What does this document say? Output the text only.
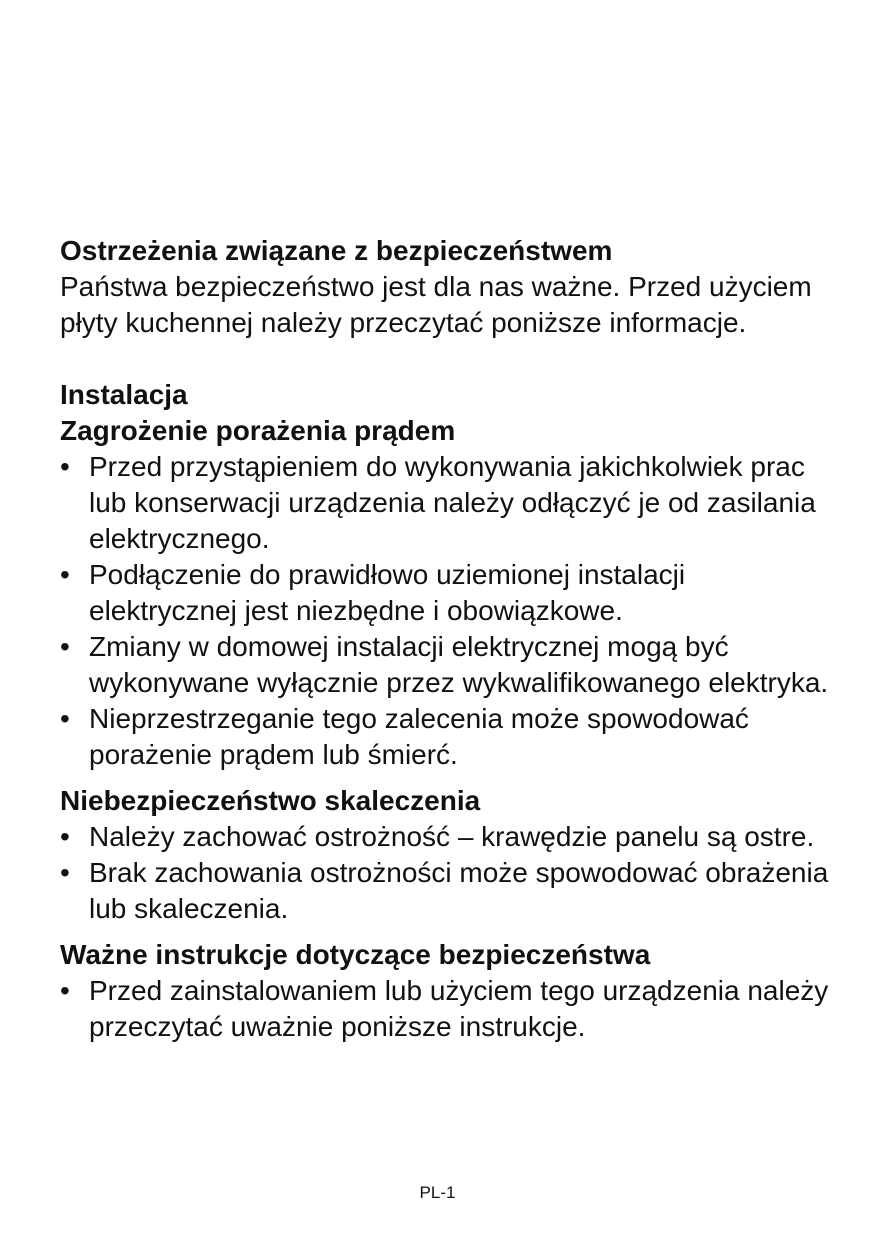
Ostrzeżenia związane z bezpieczeństwem

Państwa bezpieczeństwo jest dla nas ważne. Przed użyciem płyty kuchennej należy przeczytać poniższe informacje.

Instalacja

Zagrożenie porażenia prądem

• Przed przystąpieniem do wykonywania jakichkolwiek prac lub konserwacji urządzenia należy odłączyć je od zasilania elektrycznego.
• Podłączenie do prawidłowo uziemionej instalacji elektrycznej jest niezbędne i obowiązkowe.
• Zmiany w domowej instalacji elektrycznej mogą być wykonywane wyłącznie przez wykwalifikowanego elektryka.
• Nieprzestrzeganie tego zalecenia może spowodować porażenie prądem lub śmierć.

Niebezpieczeństwo skaleczenia

• Należy zachować ostrożność – krawędzie panelu są ostre.
• Brak zachowania ostrożności może spowodować obrażenia lub skaleczenia.

Ważne instrukcje dotyczące bezpieczeństwa

• Przed zainstalowaniem lub użyciem tego urządzenia należy przeczytać uważnie poniższe instrukcje.
PL-1
